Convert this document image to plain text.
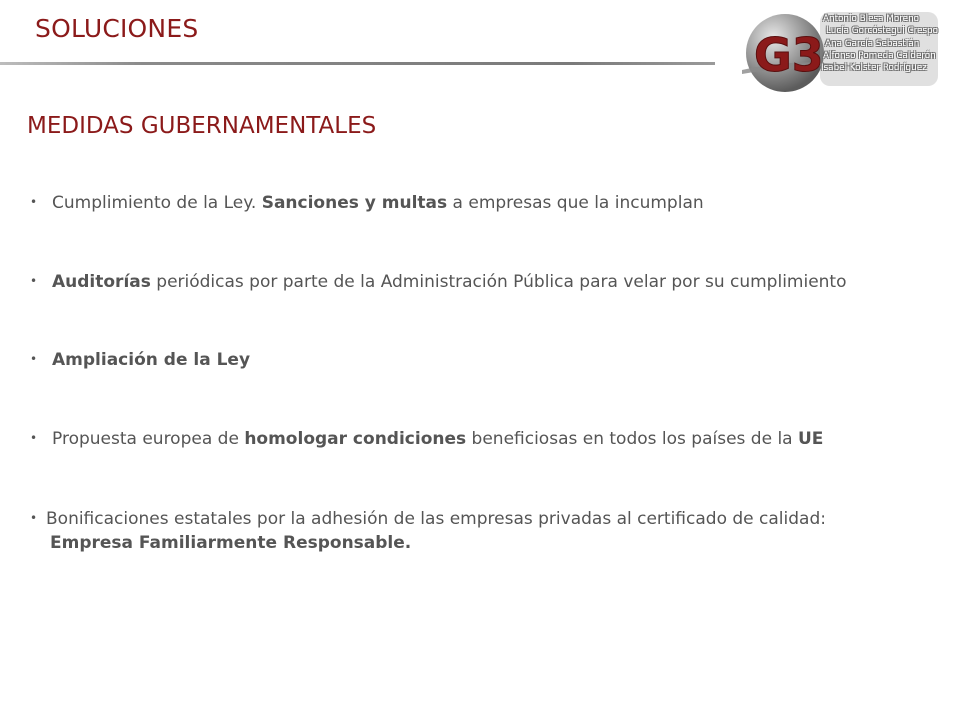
SOLUCIONES	G3
Antonio Blesa Moreno
Lucía Gorcóstegui Crespo
Ana García Sebastián
Alfonso Pomeda Calderón
Isabel Kolster Rodríguez
MEDIDAS GUBERNAMENTALES
• Cumplimiento de la Ley. Sanciones y multas a empresas que la incumplan
• Auditorías periódicas por parte de la Administración Pública para velar por su cumplimiento
• Ampliación de la Ley
• Propuesta europea de homologar condiciones beneficiosas en todos los países de la UE
• Bonificaciones estatales por la adhesión de las empresas privadas al certificado de calidad:
Empresa Familiarmente Responsable.
